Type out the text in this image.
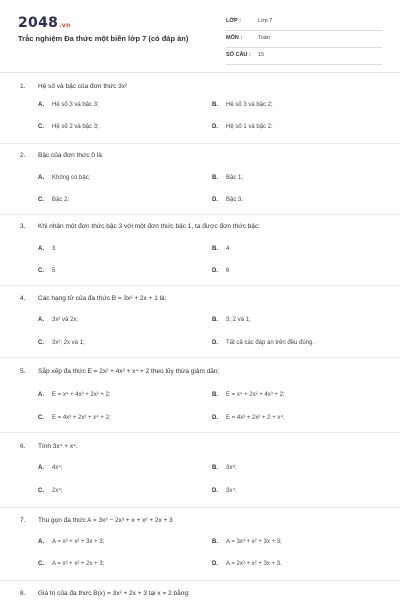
2048.vn
Trắc nghiệm Đa thức một biến lớp 7 (có đáp án)
LỚP :	Lớp 7
MÔN :	Toán
SỐ CÂU : 15
1. Hệ số và bậc của đơn thức 3x²
A. Hệ số 3 và bậc 3;	B. Hệ số 3 và bậc 2;
C. Hệ số 2 và bậc 3;	D. Hệ số 1 và bậc 2.
2. Bậc của đơn thức 0 là:
A. Không có bậc;	B. Bậc 1;
C. Bậc 2;	D. Bậc 3.
3. Khi nhân một đơn thức bậc 3 với một đơn thức bậc 1, ta được đơn thức bậc:
A. 3	B. 4
C. 5	D. 6
4. Các hạng tử của đa thức B = 3x² + 2x + 1 là:
A. 3x² và 2x;	B. 3; 2 và 1;
C. 3x²; 2x và 1;	D. Tất cả các đáp án trên đều đúng.
5. Sắp xếp đa thức E = 2x² + 4x³ + x⁴ + 2 theo lũy thừa giảm dần:
A. E = x⁴ + 4x³ + 2x² + 2;	B. E = x⁴ + 2x² + 4x³ + 2;
C. E = 4x³ + 2x² + x⁴ + 2;	D. E = 4x³ + 2x² + 2 + x⁴.
6. Tính 3x⁴ + x⁴.
A. 4x⁴;	B. 3x⁸;
C. 2x⁴;	D. 3x⁴.
7. Thu gọn đa thức A = 3x³ − 2x³ + x + x² + 2x + 3
A. A = x³ + x² + 3x + 3;	B. A = 3x³ + x² + 3x + 3;
C. A = x³ + x² + 2x + 3;	D. A = 2x³ + x² + 3x + 3.
8. Giá trị của đa thức B(x) = 3x² + 2x + 3 tại x = 2 bằng:
